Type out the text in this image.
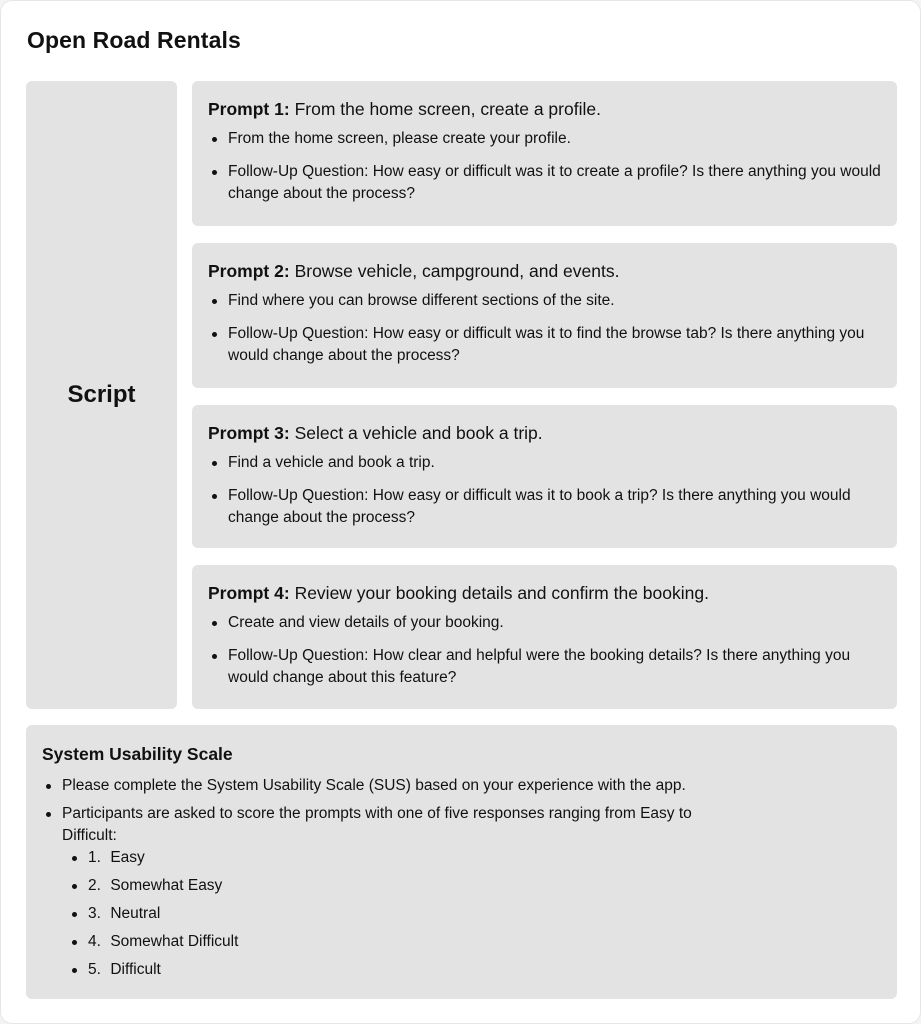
Open Road Rentals
Script
Prompt 1: From the home screen, create a profile.
From the home screen, please create your profile.
Follow-Up Question: How easy or difficult was it to create a profile? Is there anything you would change about the process?
Prompt 2: Browse vehicle, campground, and events.
Find where you can browse different sections of the site.
Follow-Up Question: How easy or difficult was it to find the browse tab? Is there anything you would change about the process?
Prompt 3: Select a vehicle and book a trip.
Find a vehicle and book a trip.
Follow-Up Question: How easy or difficult was it to book a trip? Is there anything you would change about the process?
Prompt 4: Review your booking details and confirm the booking.
Create and view details of your booking.
Follow-Up Question: How clear and helpful were the booking details? Is there anything you would change about this feature?
System Usability Scale
Please complete the System Usability Scale (SUS) based on your experience with the app.
Participants are asked to score the prompts with one of five responses ranging from Easy to Difficult:
1. Easy
2. Somewhat Easy
3. Neutral
4. Somewhat Difficult
5. Difficult
